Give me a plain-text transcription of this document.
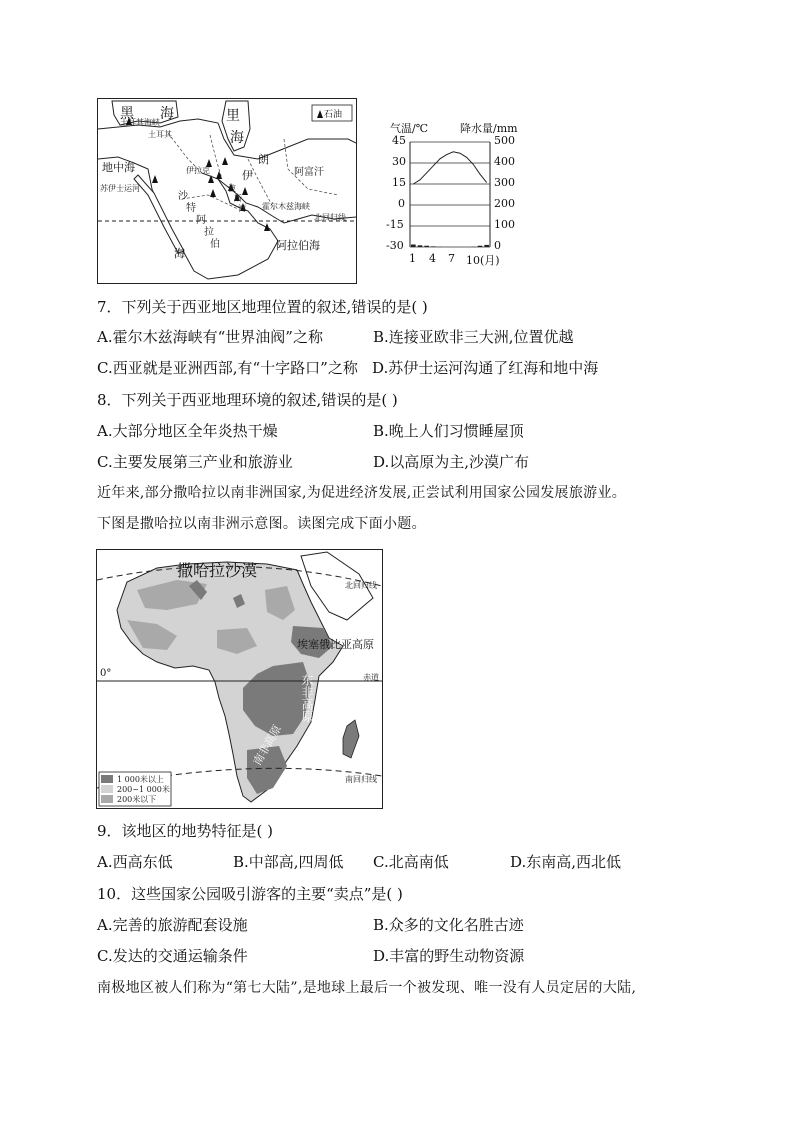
黑 海	里
海
石油
土耳其海峡
土耳其
地中海
苏伊士运河
伊
朗
伊拉克	阿富汗
沙
特
阿
拉
伯
波
斯
湾 霍尔木兹海峡
北回归线
阿拉伯海
海
气温/℃	降水量/mm
45
30
15
0
-15
-30
500
400
300
200
100
0
1 4 7 10(月)
7．下列关于西亚地区地理位置的叙述,错误的是( )
A.霍尔木兹海峡有“世界油阀”之称	B.连接亚欧非三大洲,位置优越
C.西亚就是亚洲西部,有“十字路口”之称 D.苏伊士运河沟通了红海和地中海
8．下列关于西亚地理环境的叙述,错误的是( )
A.大部分地区全年炎热干燥	B.晚上人们习惯睡屋顶
C.主要发展第三产业和旅游业	D.以高原为主,沙漠广布
近年来,部分撒哈拉以南非洲国家,为促进经济发展,正尝试利用国家公园发展旅游业。
下图是撒哈拉以南非洲示意图。读图完成下面小题。
撒哈拉沙漠
北回归线
埃塞俄比亚高原
0°	赤道
东非高原
南非高原
南回归线
1 000米以上
200~1 000米
200米以下
9．该地区的地势特征是( )
A.西高东低	B.中部高,四周低 C.北高南低	D.东南高,西北低
10．这些国家公园吸引游客的主要“卖点”是( )
A.完善的旅游配套设施	B.众多的文化名胜古迹
C.发达的交通运输条件	D.丰富的野生动物资源
南极地区被人们称为“第七大陆”,是地球上最后一个被发现、唯一没有人员定居的大陆,
